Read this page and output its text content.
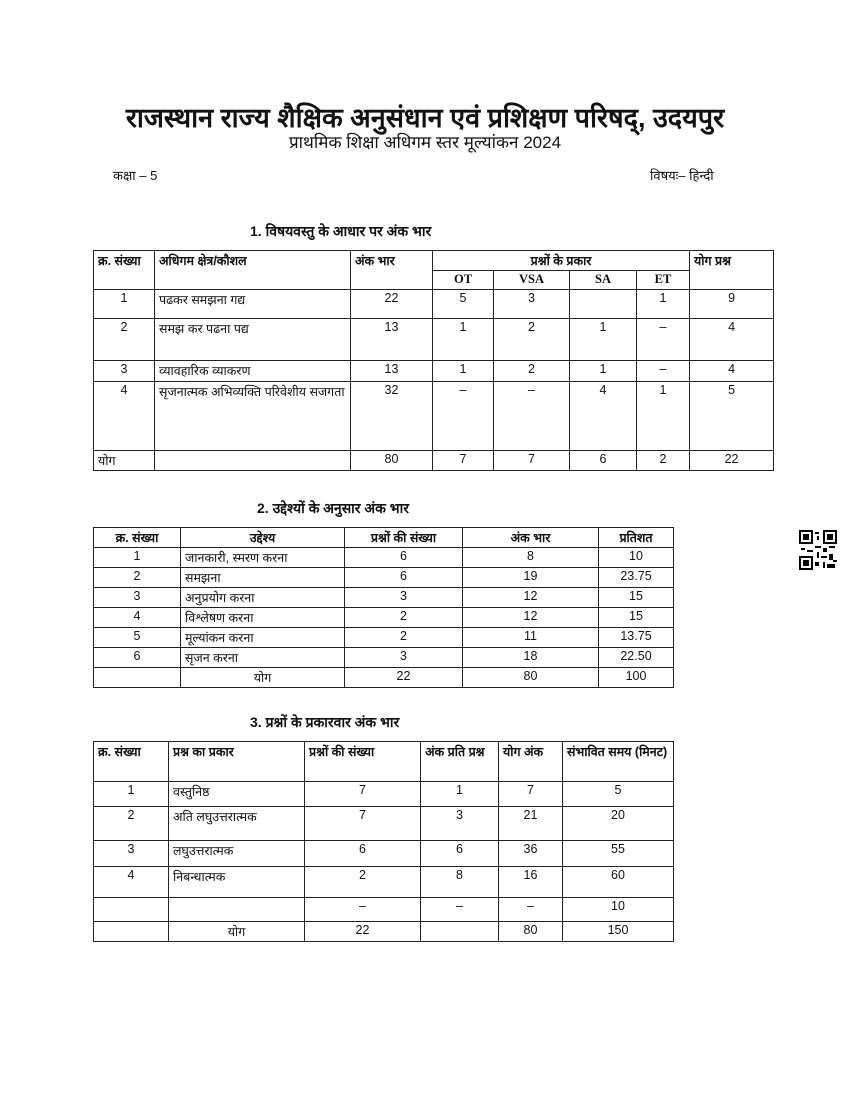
राजस्थान राज्य शैक्षिक अनुसंधान एवं प्रशिक्षण परिषद्, उदयपुर
प्राथमिक शिक्षा अधिगम स्तर मूल्यांकन 2024
कक्षा – 5	विषयः– हिन्दी
1. विषयवस्तु के आधार पर अंक भार
क्र. संख्या	अधिगम क्षेत्र/कौशल	अंक भार	प्रश्नों के प्रकार				योग प्रश्न
			OT	VSA	SA	ET	
1	पढकर समझना गद्य	22	5	3		1	9
2	समझ कर पढना पद्य	13	1	2	1	–	4
3	व्यावहारिक व्याकरण	13	1	2	1	–	4
4	सृजनात्मक अभिव्यक्ति परिवेशीय सजगता	32	–	–	4	1	5
योग		80	7	7	6	2	22
2. उद्देश्यों के अनुसार अंक भार
क्र. संख्या	उद्देश्य	प्रश्नों की संख्या	अंक भार	प्रतिशत
1	जानकारी, स्मरण करना	6	8	10
2	समझना	6	19	23.75
3	अनुप्रयोग करना	3	12	15
4	विश्लेषण करना	2	12	15
5	मूल्यांकन करना	2	11	13.75
6	सृजन करना	3	18	22.50
	योग	22	80	100
3. प्रश्नों के प्रकारवार अंक भार
क्र. संख्या	प्रश्न का प्रकार	प्रश्नों की संख्या	अंक प्रति प्रश्न	योग अंक	संभावित समय (मिनट)
1	वस्तुनिष्ठ	7	1	7	5
2	अति लघुउत्तरात्मक	7	3	21	20
3	लघुउत्तरात्मक	6	6	36	55
4	निबन्धात्मक	2	8	16	60
		–	–	–	10
	योग	22		80	150
